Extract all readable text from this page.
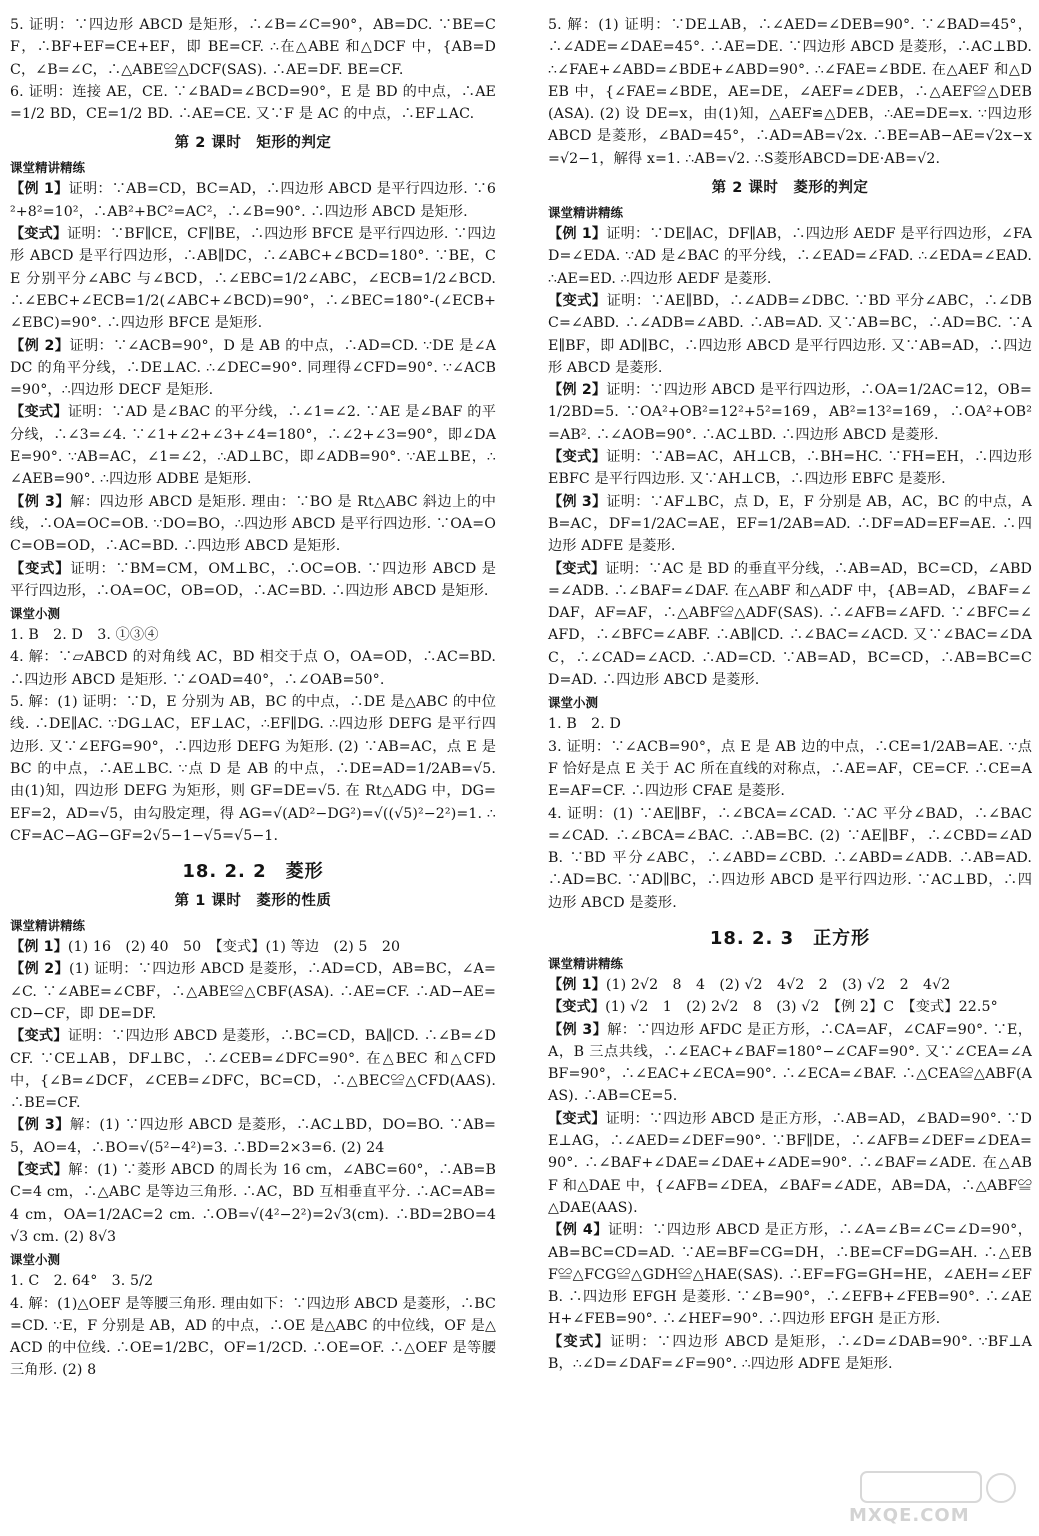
5. 证明：∵四边形 ABCD 是矩形，∴∠B=∠C=90°，AB=DC. ∵BE=CF，∴BF+EF=CE+EF，即 BE=CF. ∴在△ABE 和△DCF 中，{AB=DC，∠B=∠C，∴△ABE≌△DCF(SAS). ∴AE=DF. BE=CF.
6. 证明：连接 AE，CE. ∵∠BAD=∠BCD=90°，E 是 BD 的中点，∴AE=1/2 BD，CE=1/2 BD. ∴AE=CE. 又∵F 是 AC 的中点，∴EF⊥AC.
第 2 课时　矩形的判定
课堂精讲精练
【例 1】证明：∵AB=CD，BC=AD，∴四边形 ABCD 是平行四边形. ∵6²+8²=10²，∴AB²+BC²=AC²，∴∠B=90°. ∴四边形 ABCD 是矩形.
【变式】证明：∵BF∥CE，CF∥BE，∴四边形 BFCE 是平行四边形. ∵四边形 ABCD 是平行四边形，∴AB∥DC，∴∠ABC+∠BCD=180°. ∵BE，CE 分别平分∠ABC 与∠BCD，∴∠EBC=1/2∠ABC，∠ECB=1/2∠BCD. ∴∠EBC+∠ECB=1/2(∠ABC+∠BCD)=90°，∴∠BEC=180°-(∠ECB+∠EBC)=90°. ∴四边形 BFCE 是矩形.
【例 2】证明：∵∠ACB=90°，D 是 AB 的中点，∴AD=CD. ∵DE 是∠ADC 的角平分线，∴DE⊥AC. ∴∠DEC=90°. 同理得∠CFD=90°. ∵∠ACB=90°，∴四边形 DECF 是矩形.
【变式】证明：∵AD 是∠BAC 的平分线，∴∠1=∠2. ∵AE 是∠BAF 的平分线，∴∠3=∠4. ∵∠1+∠2+∠3+∠4=180°，∴∠2+∠3=90°，即∠DAE=90°. ∵AB=AC，∠1=∠2，∴AD⊥BC，即∠ADB=90°. ∵AE⊥BE，∴∠AEB=90°. ∴四边形 ADBE 是矩形.
【例 3】解：四边形 ABCD 是矩形. 理由：∵BO 是 Rt△ABC 斜边上的中线，∴OA=OC=OB. ∵DO=BO，∴四边形 ABCD 是平行四边形. ∵OA=OC=OB=OD，∴AC=BD. ∴四边形 ABCD 是矩形.
【变式】证明：∵BM=CM，OM⊥BC，∴OC=OB. ∵四边形 ABCD 是平行四边形，∴OA=OC，OB=OD，∴AC=BD. ∴四边形 ABCD 是矩形.
课堂小测
1. B　2. D　3. ①③④
4. 解：∵▱ABCD 的对角线 AC，BD 相交于点 O，OA=OD，∴AC=BD. ∴四边形 ABCD 是矩形. ∵∠OAD=40°，∴∠OAB=50°.
5. 解：(1) 证明：∵D，E 分别为 AB，BC 的中点，∴DE 是△ABC 的中位线. ∴DE∥AC. ∵DG⊥AC，EF⊥AC，∴EF∥DG. ∴四边形 DEFG 是平行四边形. 又∵∠EFG=90°，∴四边形 DEFG 为矩形. (2) ∵AB=AC，点 E 是 BC 的中点，∴AE⊥BC. ∵点 D 是 AB 的中点，∴DE=AD=1/2AB=√5. 由(1)知，四边形 DEFG 为矩形，则 GF=DE=√5. 在 Rt△ADG 中，DG=EF=2，AD=√5，由勾股定理，得 AG=√(AD²−DG²)=√((√5)²−2²)=1. ∴CF=AC−AG−GF=2√5−1−√5=√5−1.
18. 2. 2　菱形
第 1 课时　菱形的性质
课堂精讲精练
【例 1】(1) 16　(2) 40　50　【变式】(1) 等边　(2) 5　20
【例 2】(1) 证明：∵四边形 ABCD 是菱形，∴AD=CD，AB=BC，∠A=∠C. ∵∠ABE=∠CBF，∴△ABE≌△CBF(ASA). ∴AE=CF. ∴AD−AE=CD−CF，即 DE=DF.
【变式】证明：∵四边形 ABCD 是菱形，∴BC=CD，BA∥CD. ∴∠B=∠DCF. ∵CE⊥AB，DF⊥BC，∴∠CEB=∠DFC=90°. 在△BEC 和△CFD 中，{∠B=∠DCF，∠CEB=∠DFC，BC=CD，∴△BEC≌△CFD(AAS). ∴BE=CF.
【例 3】解：(1) ∵四边形 ABCD 是菱形，∴AC⊥BD，DO=BO. ∵AB=5，AO=4，∴BO=√(5²−4²)=3. ∴BD=2×3=6. (2) 24
【变式】解：(1) ∵菱形 ABCD 的周长为 16 cm，∠ABC=60°，∴AB=BC=4 cm，∴△ABC 是等边三角形. ∴AC，BD 互相垂直平分. ∴AC=AB=4 cm，OA=1/2AC=2 cm. ∴OB=√(4²−2²)=2√3(cm). ∴BD=2BO=4√3 cm. (2) 8√3
课堂小测
1. C　2. 64°　3. 5/2
4. 解：(1)△OEF 是等腰三角形. 理由如下：∵四边形 ABCD 是菱形，∴BC=CD. ∵E，F 分别是 AB，AD 的中点，∴OE 是△ABC 的中位线，OF 是△ACD 的中位线. ∴OE=1/2BC，OF=1/2CD. ∴OE=OF. ∴△OEF 是等腰三角形. (2) 8
5. 解：(1) 证明：∵DE⊥AB，∴∠AED=∠DEB=90°. ∵∠BAD=45°，∴∠ADE=∠DAE=45°. ∴AE=DE. ∵四边形 ABCD 是菱形，∴AC⊥BD. ∴∠FAE+∠ABD=∠BDE+∠ABD=90°. ∴∠FAE=∠BDE. 在△AEF 和△DEB 中，{∠FAE=∠BDE，AE=DE，∠AEF=∠DEB，∴△AEF≌△DEB(ASA). (2) 设 DE=x，由(1)知，△AEF≌△DEB，∴AE=DE=x. ∵四边形 ABCD 是菱形，∠BAD=45°，∴AD=AB=√2x. ∴BE=AB−AE=√2x−x=√2−1，解得 x=1. ∴AB=√2. ∴S菱形ABCD=DE·AB=√2.
第 2 课时　菱形的判定
课堂精讲精练
【例 1】证明：∵DE∥AC，DF∥AB，∴四边形 AEDF 是平行四边形，∠FAD=∠EDA. ∵AD 是∠BAC 的平分线，∴∠EAD=∠FAD. ∴∠EDA=∠EAD. ∴AE=ED. ∴四边形 AEDF 是菱形.
【变式】证明：∵AE∥BD，∴∠ADB=∠DBC. ∵BD 平分∠ABC，∴∠DBC=∠ABD. ∴∠ADB=∠ABD. ∴AB=AD. 又∵AB=BC，∴AD=BC. ∵AE∥BF，即 AD∥BC，∴四边形 ABCD 是平行四边形. 又∵AB=AD，∴四边形 ABCD 是菱形.
【例 2】证明：∵四边形 ABCD 是平行四边形，∴OA=1/2AC=12，OB=1/2BD=5. ∵OA²+OB²=12²+5²=169，AB²=13²=169，∴OA²+OB²=AB². ∴∠AOB=90°. ∴AC⊥BD. ∴四边形 ABCD 是菱形.
【变式】证明：∵AB=AC，AH⊥CB，∴BH=HC. ∵FH=EH，∴四边形 EBFC 是平行四边形. 又∵AH⊥CB，∴四边形 EBFC 是菱形.
【例 3】证明：∵AF⊥BC，点 D，E，F 分别是 AB，AC，BC 的中点，AB=AC，DF=1/2AC=AE，EF=1/2AB=AD. ∴DF=AD=EF=AE. ∴四边形 ADFE 是菱形.
【变式】证明：∵AC 是 BD 的垂直平分线，∴AB=AD，BC=CD，∠ABD=∠ADB. ∴∠BAF=∠DAF. 在△ABF 和△ADF 中，{AB=AD，∠BAF=∠DAF，AF=AF，∴△ABF≌△ADF(SAS). ∴∠AFB=∠AFD. ∵∠BFC=∠AFD，∴∠BFC=∠ABF. ∴AB∥CD. ∴∠BAC=∠ACD. 又∵∠BAC=∠DAC，∴∠CAD=∠ACD. ∴AD=CD. ∵AB=AD，BC=CD，∴AB=BC=CD=AD. ∴四边形 ABCD 是菱形.
课堂小测
1. B　2. D
3. 证明：∵∠ACB=90°，点 E 是 AB 边的中点，∴CE=1/2AB=AE. ∵点 F 恰好是点 E 关于 AC 所在直线的对称点，∴AE=AF，CE=CF. ∴CE=AE=AF=CF. ∴四边形 CFAE 是菱形.
4. 证明：(1) ∵AE∥BF，∴∠BCA=∠CAD. ∵AC 平分∠BAD，∴∠BAC=∠CAD. ∴∠BCA=∠BAC. ∴AB=BC. (2) ∵AE∥BF，∴∠CBD=∠ADB. ∵BD 平分∠ABC，∴∠ABD=∠CBD. ∴∠ABD=∠ADB. ∴AB=AD. ∴AD=BC. ∵AD∥BC，∴四边形 ABCD 是平行四边形. ∵AC⊥BD，∴四边形 ABCD 是菱形.
18. 2. 3　正方形
课堂精讲精练
【例 1】(1) 2√2　8　4　(2) √2　4√2　2　(3) √2　2　4√2
【变式】(1) √2　1　(2) 2√2　8　(3) √2　【例 2】C　【变式】22.5°
【例 3】解：∵四边形 AFDC 是正方形，∴CA=AF，∠CAF=90°. ∵E，A，B 三点共线，∴∠EAC+∠BAF=180°−∠CAF=90°. 又∵∠CEA=∠ABF=90°，∴∠EAC+∠ECA=90°. ∴∠ECA=∠BAF. ∴△CEA≌△ABF(AAS). ∴AB=CE=5.
【变式】证明：∵四边形 ABCD 是正方形，∴AB=AD，∠BAD=90°. ∵DE⊥AG，∴∠AED=∠DEF=90°. ∵BF∥DE，∴∠AFB=∠DEF=∠DEA=90°. ∴∠BAF+∠DAE=∠DAE+∠ADE=90°. ∴∠BAF=∠ADE. 在△ABF 和△DAE 中，{∠AFB=∠DEA，∠BAF=∠ADE，AB=DA，∴△ABF≌△DAE(AAS).
【例 4】证明：∵四边形 ABCD 是正方形，∴∠A=∠B=∠C=∠D=90°，AB=BC=CD=AD. ∵AE=BF=CG=DH，∴BE=CF=DG=AH. ∴△EBF≌△FCG≌△GDH≌△HAE(SAS). ∴EF=FG=GH=HE，∠AEH=∠EFB. ∴四边形 EFGH 是菱形. ∵∠B=90°，∴∠EFB+∠FEB=90°. ∴∠AEH+∠FEB=90°. ∴∠HEF=90°. ∴四边形 EFGH 是正方形.
【变式】证明：∵四边形 ABCD 是矩形，∴∠D=∠DAB=90°. ∵BF⊥AB，∴∠D=∠DAF=∠F=90°. ∴四边形 ADFE 是矩形.
MXQE.COM
